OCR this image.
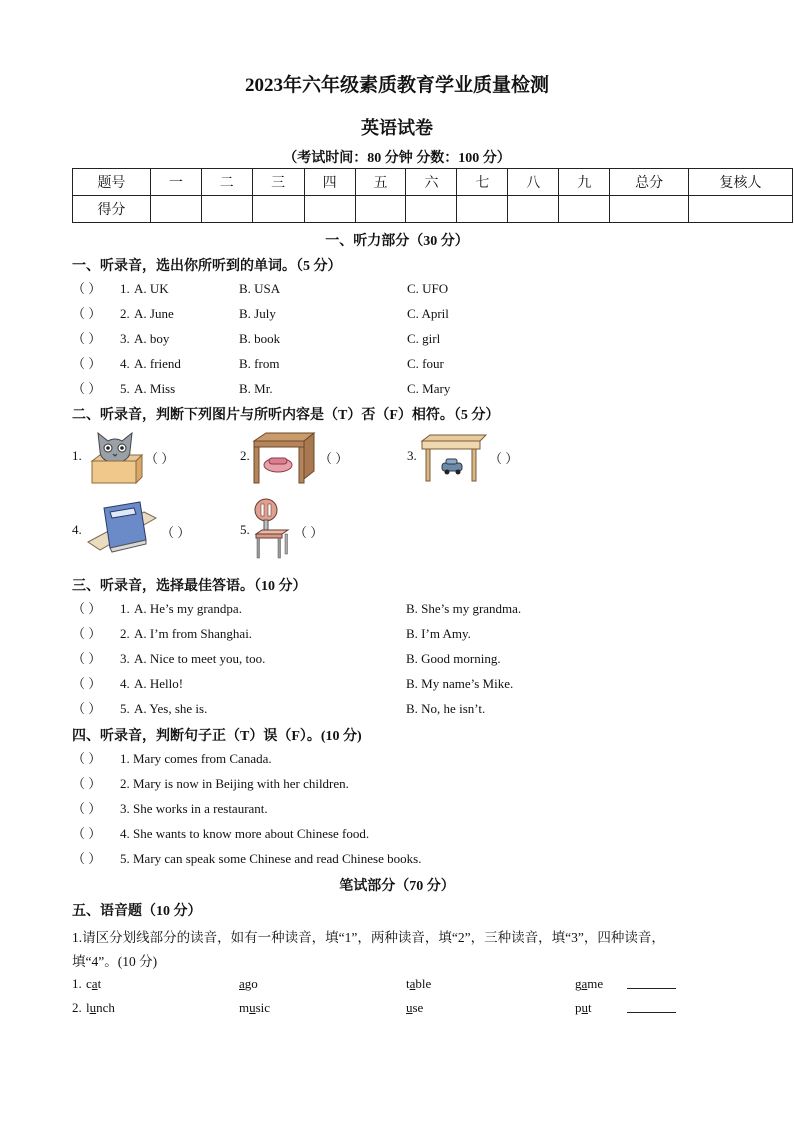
2023年六年级素质教育学业质量检测
英语试卷
（考试时间：80 分钟 分数：100 分）
题号	一	二	三	四	五	六	七	八	九	总分	复核人
得分											
一、听力部分（30 分）
一、听录音，选出你所听到的单词。（5 分）
（ ）	1. A. UK	B. USA	C. UFO
（ ）	2. A. June	B. July	C. April
（ ）	3. A. boy	B. book	C. girl
（ ）	4. A. friend	B. from	C. four
（ ）	5. A. Miss	B. Mr.	C. Mary
二、听录音，判断下列图片与所听内容是（T）否（F）相符。（5 分）
1.	（ ）	2.	（ ）	3.	（ ）
4.	（ ）	5.	（ ）
三、听录音，选择最佳答语。（10 分）
（ ）	1. A. He’s my grandpa.	B. She’s my grandma.
（ ）	2. A. I’m from Shanghai.	B. I’m Amy.
（ ）	3. A. Nice to meet you, too.	B. Good morning.
（ ）	4. A. Hello!	B. My name’s Mike.
（ ）	5. A. Yes, she is.	B. No, he isn’t.
四、听录音，判断句子正（T）误（F）。(10 分)
（ ）	1. Mary comes from Canada.
（ ）	2. Mary is now in Beijing with her children.
（ ）	3. She works in a restaurant.
（ ）	4. She wants to know more about Chinese food.
（ ）	5. Mary can speak some Chinese and read Chinese books.
笔试部分（70 分）
五、语音题（10 分）
1.请区分划线部分的读音，如有一种读音，填“1”，两种读音，填“2”，三种读音，填“3”，四种读音，
填“4”。(10 分)
1. cat	ago	table	game
2. lunch	music	use	put
